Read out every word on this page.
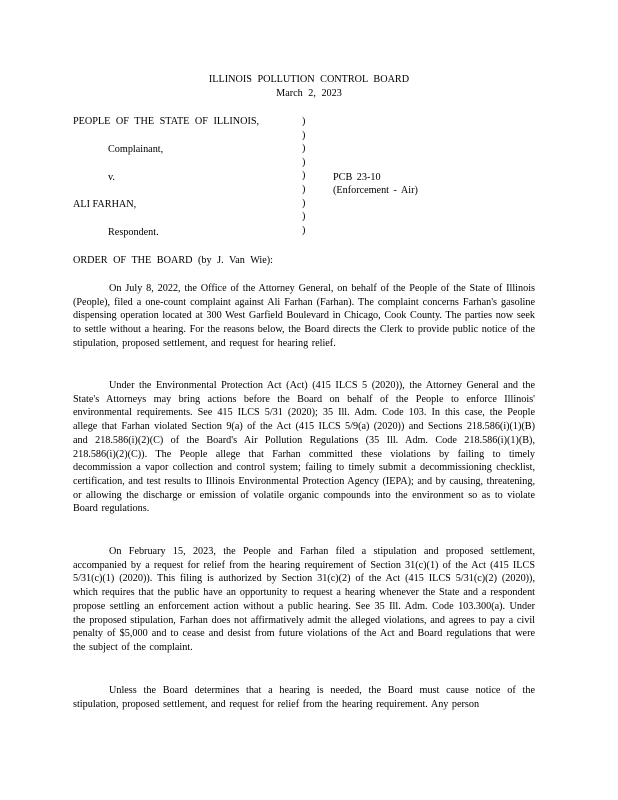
ILLINOIS POLLUTION CONTROL BOARD
March 2, 2023
PEOPLE OF THE STATE OF ILLINOIS,
Complainant,
v.
ALI FARHAN,
Respondent.
)
)
)
)
)
)
)
)
)
PCB 23-10
(Enforcement - Air)
ORDER OF THE BOARD (by J. Van Wie):
On July 8, 2022, the Office of the Attorney General, on behalf of the People of the State of Illinois (People), filed a one-count complaint against Ali Farhan (Farhan). The complaint concerns Farhan's gasoline dispensing operation located at 300 West Garfield Boulevard in Chicago, Cook County. The parties now seek to settle without a hearing. For the reasons below, the Board directs the Clerk to provide public notice of the stipulation, proposed settlement, and request for hearing relief.
Under the Environmental Protection Act (Act) (415 ILCS 5 (2020)), the Attorney General and the State's Attorneys may bring actions before the Board on behalf of the People to enforce Illinois' environmental requirements. See 415 ILCS 5/31 (2020); 35 Ill. Adm. Code 103. In this case, the People allege that Farhan violated Section 9(a) of the Act (415 ILCS 5/9(a) (2020)) and Sections 218.586(i)(1)(B) and 218.586(i)(2)(C) of the Board's Air Pollution Regulations (35 Ill. Adm. Code 218.586(i)(1)(B), 218.586(i)(2)(C)). The People allege that Farhan committed these violations by failing to timely decommission a vapor collection and control system; failing to timely submit a decommissioning checklist, certification, and test results to Illinois Environmental Protection Agency (IEPA); and by causing, threatening, or allowing the discharge or emission of volatile organic compounds into the environment so as to violate Board regulations.
On February 15, 2023, the People and Farhan filed a stipulation and proposed settlement, accompanied by a request for relief from the hearing requirement of Section 31(c)(1) of the Act (415 ILCS 5/31(c)(1) (2020)). This filing is authorized by Section 31(c)(2) of the Act (415 ILCS 5/31(c)(2) (2020)), which requires that the public have an opportunity to request a hearing whenever the State and a respondent propose settling an enforcement action without a public hearing. See 35 Ill. Adm. Code 103.300(a). Under the proposed stipulation, Farhan does not affirmatively admit the alleged violations, and agrees to pay a civil penalty of $5,000 and to cease and desist from future violations of the Act and Board regulations that were the subject of the complaint.
Unless the Board determines that a hearing is needed, the Board must cause notice of the stipulation, proposed settlement, and request for relief from the hearing requirement. Any person
